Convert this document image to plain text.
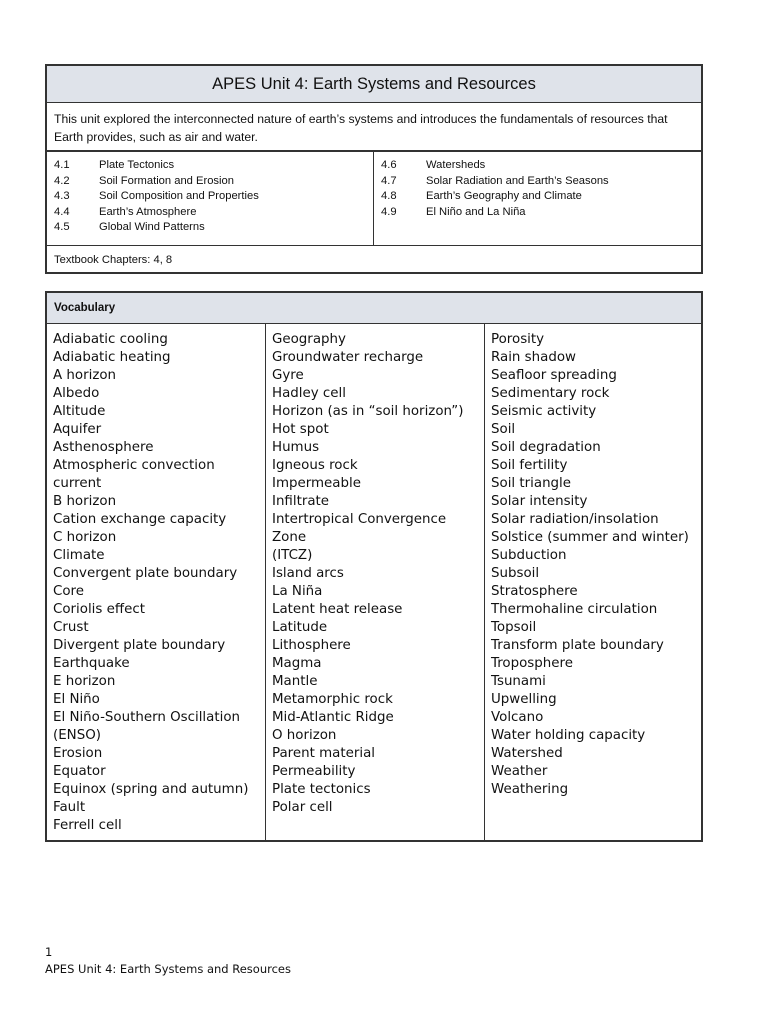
APES Unit 4: Earth Systems and Resources
This unit explored the interconnected nature of earth’s systems and introduces the fundamentals of resources that Earth provides, such as air and water.
4.1	Plate Tectonics
4.2	Soil Formation and Erosion
4.3	Soil Composition and Properties
4.4	Earth’s Atmosphere
4.5	Global Wind Patterns
4.6	Watersheds
4.7	Solar Radiation and Earth’s Seasons
4.8	Earth’s Geography and Climate
4.9	El Niño and La Niña
Textbook Chapters: 4, 8
Vocabulary
Adiabatic cooling
Adiabatic heating
A horizon
Albedo
Altitude
Aquifer
Asthenosphere
Atmospheric convection
current
B horizon
Cation exchange capacity
C horizon
Climate
Convergent plate boundary
Core
Coriolis effect
Crust
Divergent plate boundary
Earthquake
E horizon
El Niño
El Niño-Southern Oscillation
(ENSO)
Erosion
Equator
Equinox (spring and autumn)
Fault
Ferrell cell
Geography
Groundwater recharge
Gyre
Hadley cell
Horizon (as in “soil horizon”)
Hot spot
Humus
Igneous rock
Impermeable
Infiltrate
Intertropical Convergence
Zone
(ITCZ)
Island arcs
La Niña
Latent heat release
Latitude
Lithosphere
Magma
Mantle
Metamorphic rock
Mid-Atlantic Ridge
O horizon
Parent material
Permeability
Plate tectonics
Polar cell
Porosity
Rain shadow
Seafloor spreading
Sedimentary rock
Seismic activity
Soil
Soil degradation
Soil fertility
Soil triangle
Solar intensity
Solar radiation/insolation
Solstice (summer and winter)
Subduction
Subsoil
Stratosphere
Thermohaline circulation
Topsoil
Transform plate boundary
Troposphere
Tsunami
Upwelling
Volcano
Water holding capacity
Watershed
Weather
Weathering
1
APES Unit 4: Earth Systems and Resources
